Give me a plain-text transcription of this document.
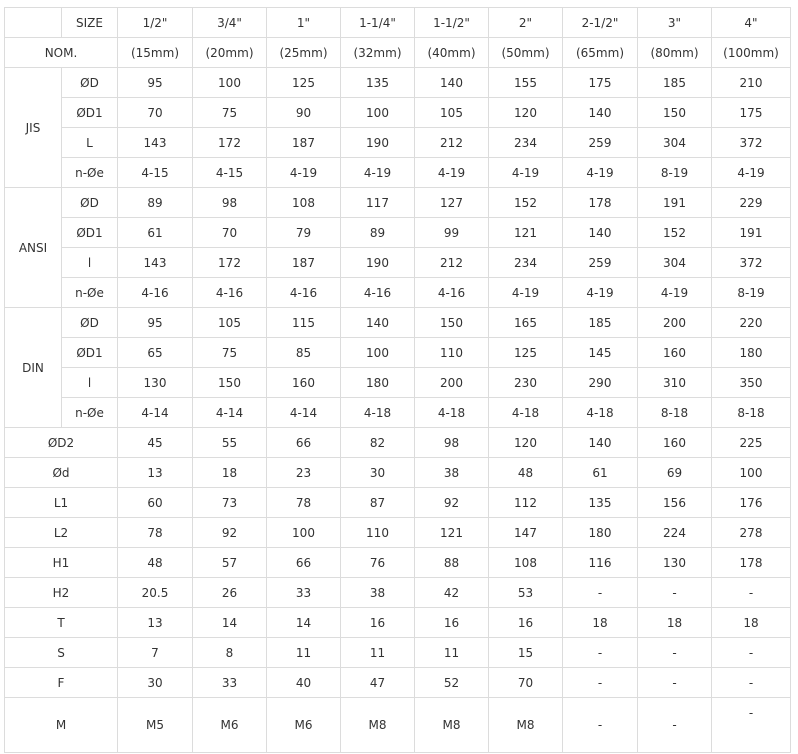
	SIZE	1/2"	3/4"	1"	1-1/4"	1-1/2"	2"	2-1/2"	3"	4"
NOM.		(15mm)	(20mm)	(25mm)	(32mm)	(40mm)	(50mm)	(65mm)	(80mm)	(100mm)
JIS	ØD	95	100	125	135	140	155	175	185	210
	ØD1	70	75	90	100	105	120	140	150	175
	L	143	172	187	190	212	234	259	304	372
	n-Øe	4-15	4-15	4-19	4-19	4-19	4-19	4-19	8-19	4-19
ANSI	ØD	89	98	108	117	127	152	178	191	229
	ØD1	61	70	79	89	99	121	140	152	191
	l	143	172	187	190	212	234	259	304	372
	n-Øe	4-16	4-16	4-16	4-16	4-16	4-19	4-19	4-19	8-19
DIN	ØD	95	105	115	140	150	165	185	200	220
	ØD1	65	75	85	100	110	125	145	160	180
	l	130	150	160	180	200	230	290	310	350
	n-Øe	4-14	4-14	4-14	4-18	4-18	4-18	4-18	8-18	8-18
ØD2		45	55	66	82	98	120	140	160	225
Ød		13	18	23	30	38	48	61	69	100
L1		60	73	78	87	92	112	135	156	176
L2		78	92	100	110	121	147	180	224	278
H1		48	57	66	76	88	108	116	130	178
H2		20.5	26	33	38	42	53	-	-	-
T		13	14	14	16	16	16	18	18	18
S		7	8	11	11	11	15	-	-	-
F		30	33	40	47	52	70	-	-	-
M		M5	M6	M6	M8	M8	M8	-	-	-
